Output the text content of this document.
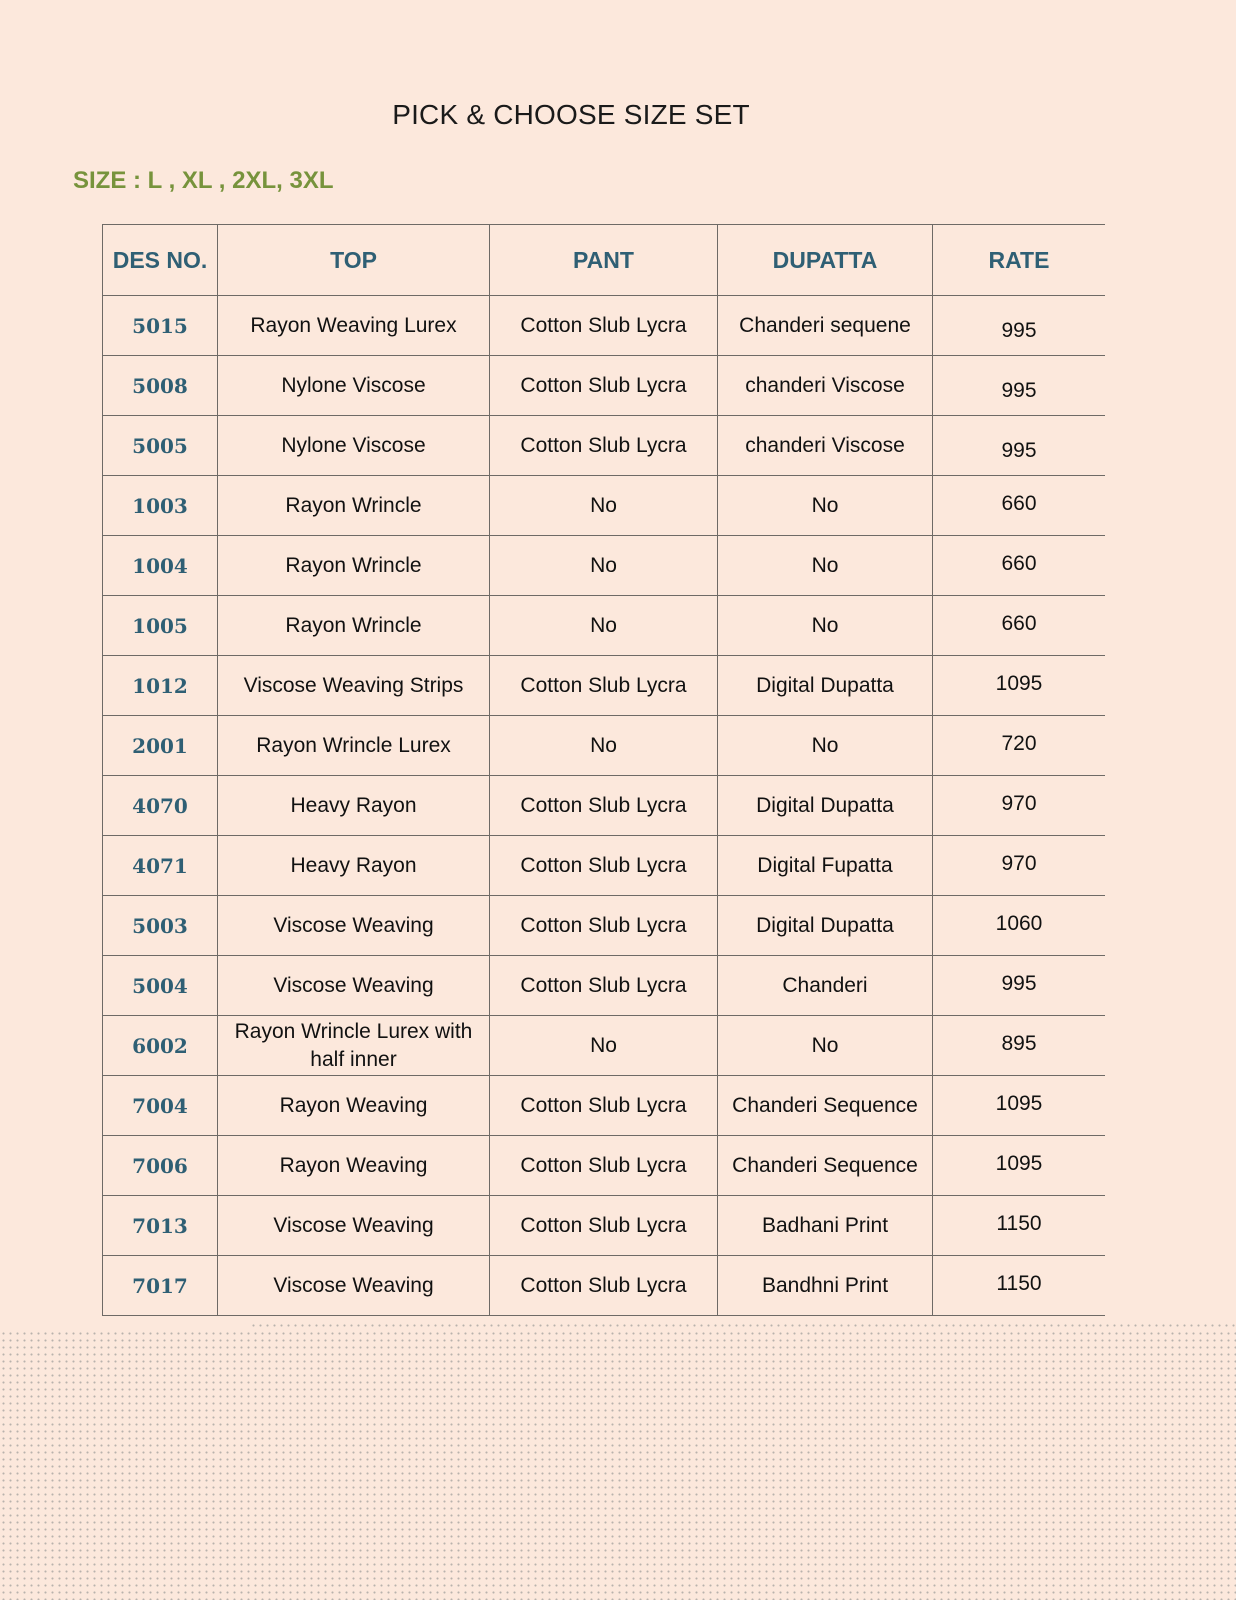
PICK & CHOOSE SIZE SET
SIZE : L , XL , 2XL, 3XL
DES NO.	TOP	PANT	DUPATTA	RATE
5015	Rayon Weaving Lurex	Cotton Slub Lycra	Chanderi sequene	995
5008	Nylone Viscose	Cotton Slub Lycra	chanderi Viscose	995
5005	Nylone Viscose	Cotton Slub Lycra	chanderi Viscose	995
1003	Rayon Wrincle	No	No	660
1004	Rayon Wrincle	No	No	660
1005	Rayon Wrincle	No	No	660
1012	Viscose Weaving Strips	Cotton Slub Lycra	Digital Dupatta	1095
2001	Rayon Wrincle Lurex	No	No	720
4070	Heavy Rayon	Cotton Slub Lycra	Digital Dupatta	970
4071	Heavy Rayon	Cotton Slub Lycra	Digital Fupatta	970
5003	Viscose Weaving	Cotton Slub Lycra	Digital Dupatta	1060
5004	Viscose Weaving	Cotton Slub Lycra	Chanderi	995
6002	Rayon Wrincle Lurex with half inner	No	No	895
7004	Rayon Weaving	Cotton Slub Lycra	Chanderi Sequence	1095
7006	Rayon Weaving	Cotton Slub Lycra	Chanderi Sequence	1095
7013	Viscose Weaving	Cotton Slub Lycra	Badhani Print	1150
7017	Viscose Weaving	Cotton Slub Lycra	Bandhni Print	1150
